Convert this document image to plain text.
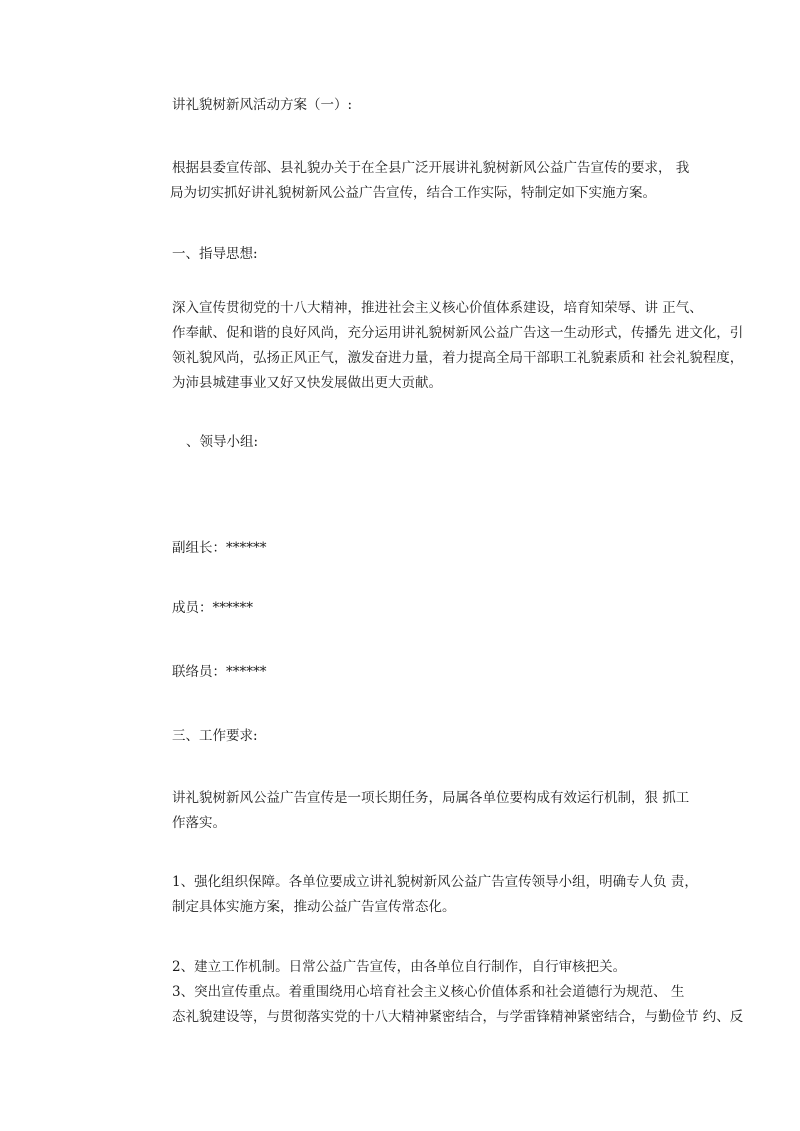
讲礼貌树新风活动方案（一）:
根据县委宣传部、县礼貌办关于在全县广泛开展讲礼貌树新风公益广告宣传的要求， 我
局为切实抓好讲礼貌树新风公益广告宣传，结合工作实际，特制定如下实施方案。
一、指导思想:
深入宣传贯彻党的十八大精神，推进社会主义核心价值体系建设，培育知荣辱、讲 正气、
作奉献、促和谐的良好风尚，充分运用讲礼貌树新风公益广告这一生动形式，传播先 进文化，引
领礼貌风尚，弘扬正风正气，激发奋进力量，着力提高全局干部职工礼貌素质和 社会礼貌程度，
为沛县城建事业又好又快发展做出更大贡献。
、领导小组:
副组长：******
成员：******
联络员：******
三、工作要求:
讲礼貌树新风公益广告宣传是一项长期任务，局属各单位要构成有效运行机制，狠 抓工
作落实。
1、强化组织保障。各单位要成立讲礼貌树新风公益广告宣传领导小组，明确专人负 责，
制定具体实施方案，推动公益广告宣传常态化。
2、建立工作机制。日常公益广告宣传，由各单位自行制作，自行审核把关。
3、突出宣传重点。着重围绕用心培育社会主义核心价值体系和社会道德行为规范、 生
态礼貌建设等，与贯彻落实党的十八大精神紧密结合，与学雷锋精神紧密结合，与勤俭节 约、反
